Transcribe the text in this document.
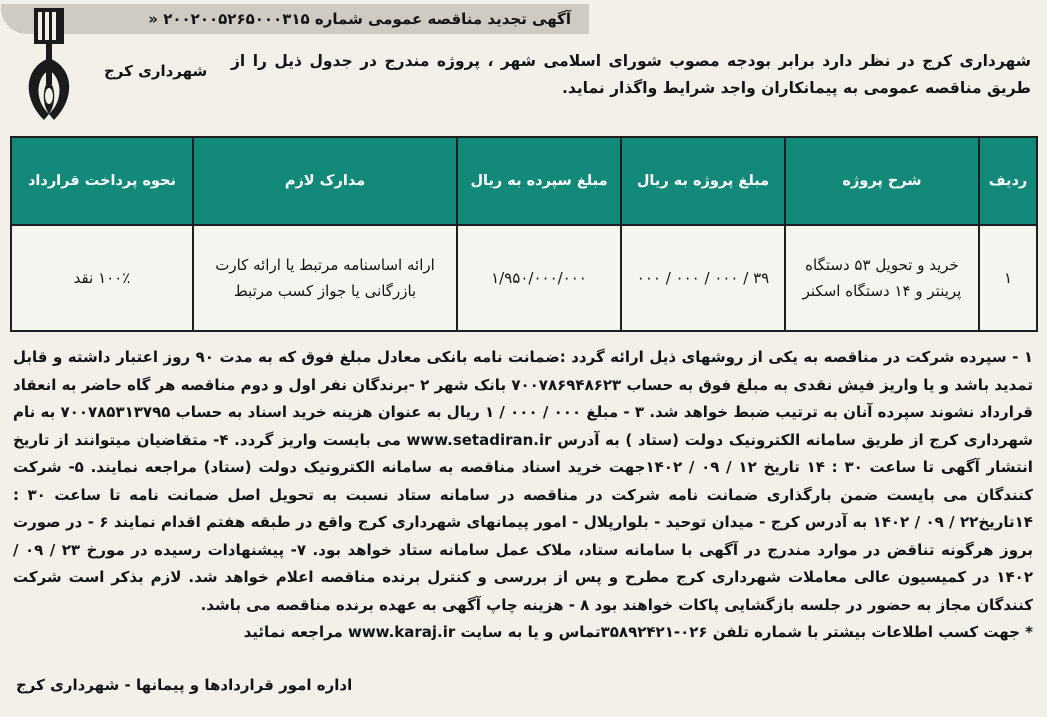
آگهی تجدید مناقصه عمومی شماره ۲۰۰۲۰۰۵۲۶۵۰۰۰۳۱۵ «
شهرداری کرج
شهرداری کرج در نظر دارد برابر بودجه مصوب شورای اسلامی شهر ، پروژه مندرج در جدول ذیل را از طریق مناقصه عمومی به پیمانکاران واجد شرایط واگذار نماید.
ردیف	شرح پروژه	مبلغ پروژه به ریال	مبلغ سپرده به ریال	مدارک لازم	نحوه پرداخت قرارداد
۱	خرید و تحویل ۵۳ دستگاه پرینتر و ۱۴ دستگاه اسکنر	۳۹ / ۰۰۰ / ۰۰۰ / ۰۰۰	۱/۹۵۰/۰۰۰/۰۰۰	ارائه اساسنامه مرتبط یا ارائه کارت بازرگانی یا جواز کسب مرتبط	۱۰۰٪ نقد
۱ - سپرده شرکت در مناقصه به یکی از روشهای ذیل ارائه گردد :ضمانت نامه بانکی معادل مبلغ فوق که به مدت ۹۰ روز اعتبار داشته و قابل تمدید باشد و یا واریز فیش نقدی به مبلغ فوق به حساب ۷۰۰۷۸۶۹۴۸۶۲۳ بانک شهر ۲ -برندگان نفر اول و دوم مناقصه هر گاه حاضر به انعقاد قرارداد نشوند سپرده آنان به ترتیب ضبط خواهد شد. ۳ - مبلغ ۰۰۰ / ۰۰۰ / ۱ ریال به عنوان هزینه خرید اسناد به حساب ۷۰۰۷۸۵۳۱۳۷۹۵ به نام شهرداری کرج از طریق سامانه الکترونیک دولت (ستاد ) به آدرس www.setadiran.ir می بایست واریز گردد. ۴- متقاضیان میتوانند از تاریخ انتشار آگهی تا ساعت ۳۰ : ۱۴ تاریخ ۱۲ / ۰۹ / ۱۴۰۲جهت خرید اسناد مناقصه به سامانه الکترونیک دولت (ستاد) مراجعه نمایند. ۵- شرکت کنندگان می بایست ضمن بارگذاری ضمانت نامه شرکت در مناقصه در سامانه ستاد نسبت به تحویل اصل ضمانت نامه تا ساعت ۳۰ : ۱۴تاریخ۲۲ / ۰۹ / ۱۴۰۲ به آدرس کرج - میدان توحید - بلوارپلال - امور پیمانهای شهرداری کرج واقع در طبقه هفتم اقدام نمایند ۶ - در صورت بروز هرگونه تناقض در موارد مندرج در آگهی با سامانه ستاد، ملاک عمل سامانه ستاد خواهد بود. ۷- پیشنهادات رسیده در مورخ ۲۳ / ۰۹ / ۱۴۰۲ در کمیسیون عالی معاملات شهرداری کرج مطرح و پس از بررسی و کنترل برنده مناقصه اعلام خواهد شد. لازم بذکر است شرکت کنندگان مجاز به حضور در جلسه بازگشایی پاکات خواهند بود ۸ - هزینه چاپ آگهی به عهده برنده مناقصه می باشد.
* جهت کسب اطلاعات بیشتر با شماره تلفن ۰۲۶-۳۵۸۹۲۴۲۱تماس و یا به سایت www.karaj.ir مراجعه نمائید
اداره امور قراردادها و پیمانها - شهرداری کرج
